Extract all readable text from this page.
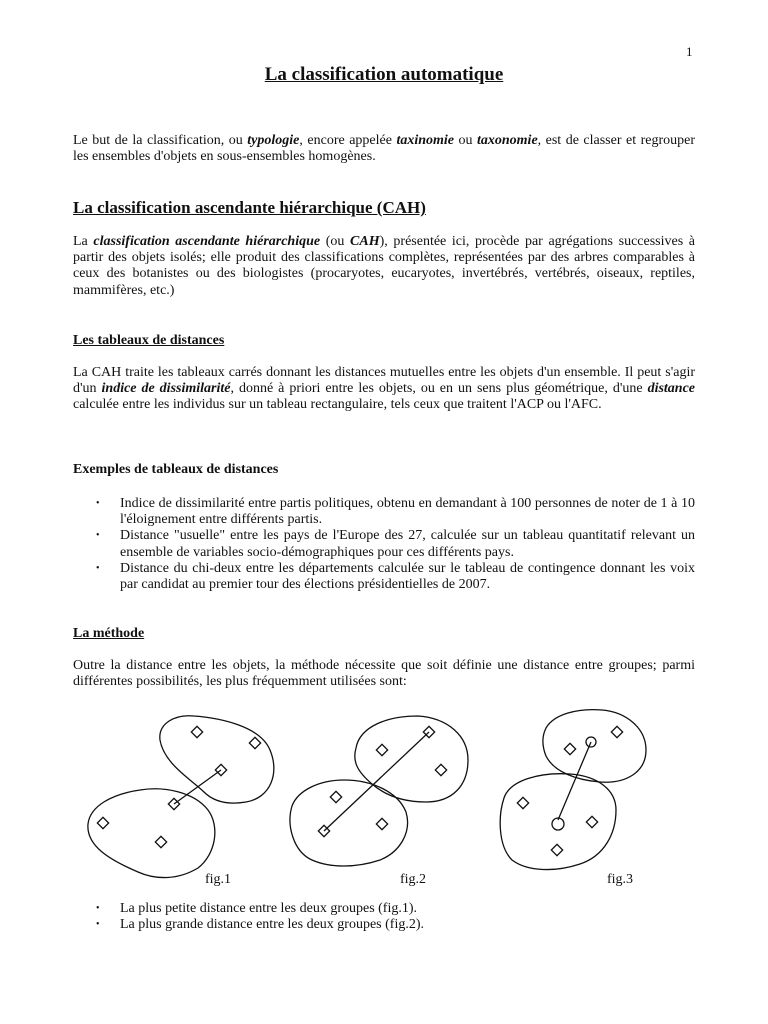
1
La classification automatique

Le but de la classification, ou typologie, encore appelée taxinomie ou taxonomie, est de classer et regrouper les ensembles d'objets en sous-ensembles homogènes.

La classification ascendante hiérarchique (CAH)

La classification ascendante hiérarchique (ou CAH), présentée ici, procède par agrégations successives à partir des objets isolés; elle produit des classifications complètes, représentées par des arbres comparables à ceux des botanistes ou des biologistes (procaryotes, eucaryotes, invertébrés, vertébrés, oiseaux, reptiles, mammifères, etc.)

Les tableaux de distances

La CAH traite les tableaux carrés donnant les distances mutuelles entre les objets d'un ensemble. Il peut s'agir d'un indice de dissimilarité, donné à priori entre les objets, ou en un sens plus géométrique, d'une distance calculée entre les individus sur un tableau rectangulaire, tels ceux que traitent l'ACP ou l'AFC.

Exemples de tableaux de distances
• Indice de dissimilarité entre partis politiques, obtenu en demandant à 100 personnes de noter de 1 à 10 l'éloignement entre différents partis.
• Distance "usuelle" entre les pays de l'Europe des 27, calculée sur un tableau quantitatif relevant un ensemble de variables socio-démographiques pour ces différents pays.
• Distance du chi-deux entre les départements calculée sur le tableau de contingence donnant les voix par candidat au premier tour des élections présidentielles de 2007.
La méthode

Outre la distance entre les objets, la méthode nécessite que soit définie une distance entre groupes; parmi différentes possibilités, les plus fréquemment utilisées sont:

fig.1	fig.2	fig.3
• La plus petite distance entre les deux groupes (fig.1).
• La plus grande distance entre les deux groupes (fig.2).
